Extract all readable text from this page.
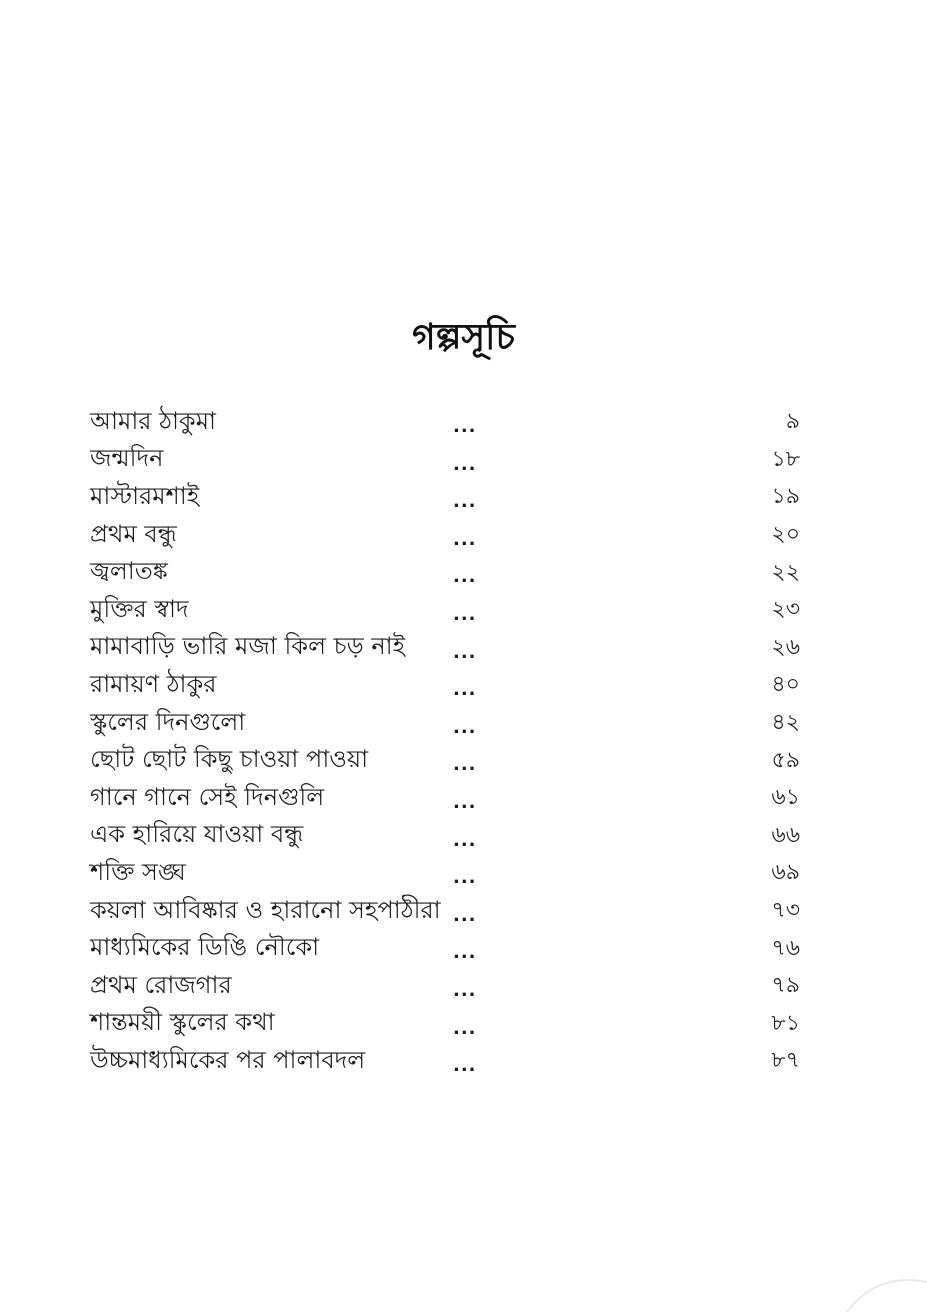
গল্পসূচি
আমার ঠাকুমা	...	৯
জন্মদিন	...	১৮
মাস্টারমশাই	...	১৯
প্রথম বন্ধু	...	২০
জ্বলাতঙ্ক	...	২২
মুক্তির স্বাদ	...	২৩
মামাবাড়ি ভারি মজা কিল চড় নাই	...	২৬
রামায়ণ ঠাকুর	...	৪০
স্কুলের দিনগুলো	...	৪২
ছোট ছোট কিছু চাওয়া পাওয়া	...	৫৯
গানে গানে সেই দিনগুলি	...	৬১
এক হারিয়ে যাওয়া বন্ধু	...	৬৬
শক্তি সঙ্ঘ	...	৬৯
কয়লা আবিষ্কার ও হারানো সহপাঠীরা ...	৭৩
মাধ্যমিকের ডিঙি নৌকো	...	৭৬
প্রথম রোজগার	...	৭৯
শান্তময়ী স্কুলের কথা	...	৮১
উচ্চমাধ্যমিকের পর পালাবদল	...	৮৭
